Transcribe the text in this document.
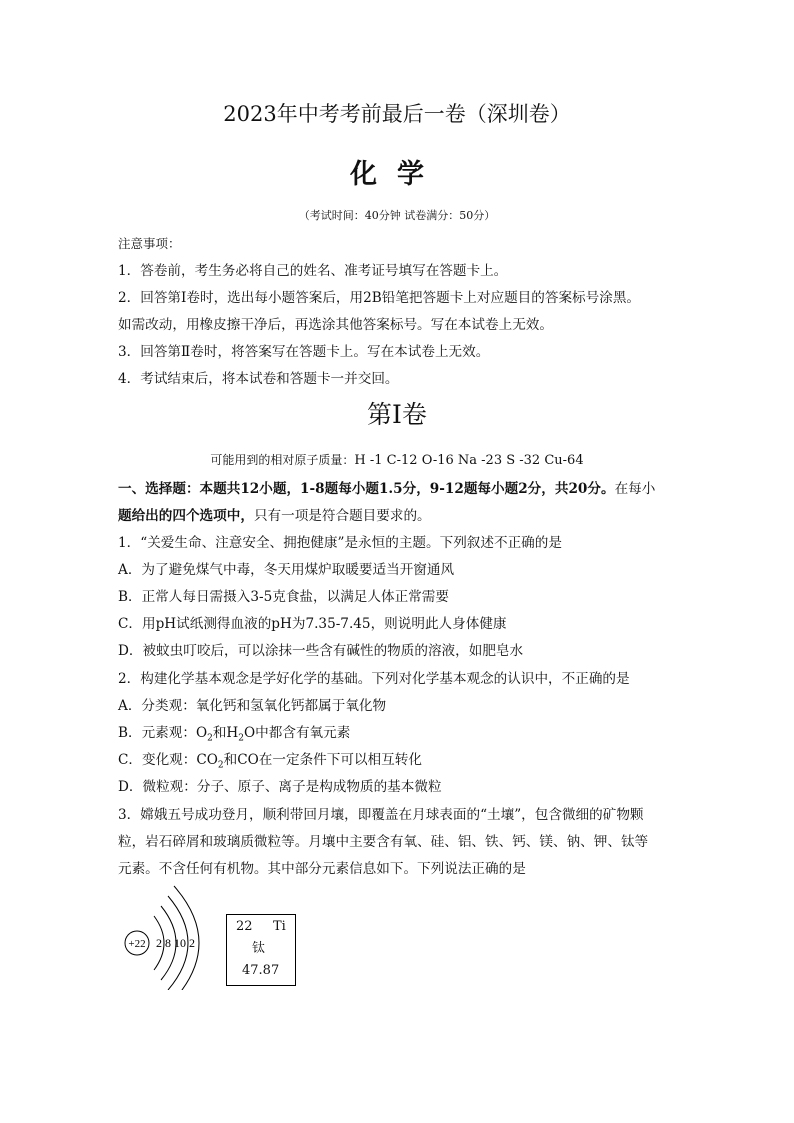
2023年中考考前最后一卷（深圳卷）
化学
（考试时间：40分钟 试卷满分：50分）
注意事项：
1．答卷前，考生务必将自己的姓名、准考证号填写在答题卡上。
2．回答第Ⅰ卷时，选出每小题答案后，用2B铅笔把答题卡上对应题目的答案标号涂黑。
如需改动，用橡皮擦干净后，再选涂其他答案标号。写在本试卷上无效。
3．回答第Ⅱ卷时，将答案写在答题卡上。写在本试卷上无效。
4．考试结束后，将本试卷和答题卡一并交回。
第Ⅰ卷
可能用到的相对原子质量：H -1 C-12 O-16 Na -23 S -32 Cu-64
一、选择题：本题共12小题，1-8题每小题1.5分，9-12题每小题2分，共20分。在每小
题给出的四个选项中，只有一项是符合题目要求的。
1．“关爱生命、注意安全、拥抱健康”是永恒的主题。下列叙述不正确的是
A．为了避免煤气中毒，冬天用煤炉取暖要适当开窗通风
B．正常人每日需摄入3-5克食盐，以满足人体正常需要
C．用pH试纸测得血液的pH为7.35-7.45，则说明此人身体健康
D．被蚊虫叮咬后，可以涂抹一些含有碱性的物质的溶液，如肥皂水
2．构建化学基本观念是学好化学的基础。下列对化学基本观念的认识中，不正确的是
A．分类观：氧化钙和氢氧化钙都属于氧化物
B．元素观：$O_2$和$H_2O$中都含有氧元素
C．变化观：$CO_2$和CO在一定条件下可以相互转化
D．微粒观：分子、原子、离子是构成物质的基本微粒
3．嫦娥五号成功登月，顺利带回月壤，即覆盖在月球表面的“土壤”，包含微细的矿物颗
粒，岩石碎屑和玻璃质微粒等。月壤中主要含有氧、硅、铝、铁、钙、镁、钠、钾、钛等
元素。不含任何有机物。其中部分元素信息如下。下列说法正确的是
+22 2 8 10 2
22 Ti
钛
47.87
